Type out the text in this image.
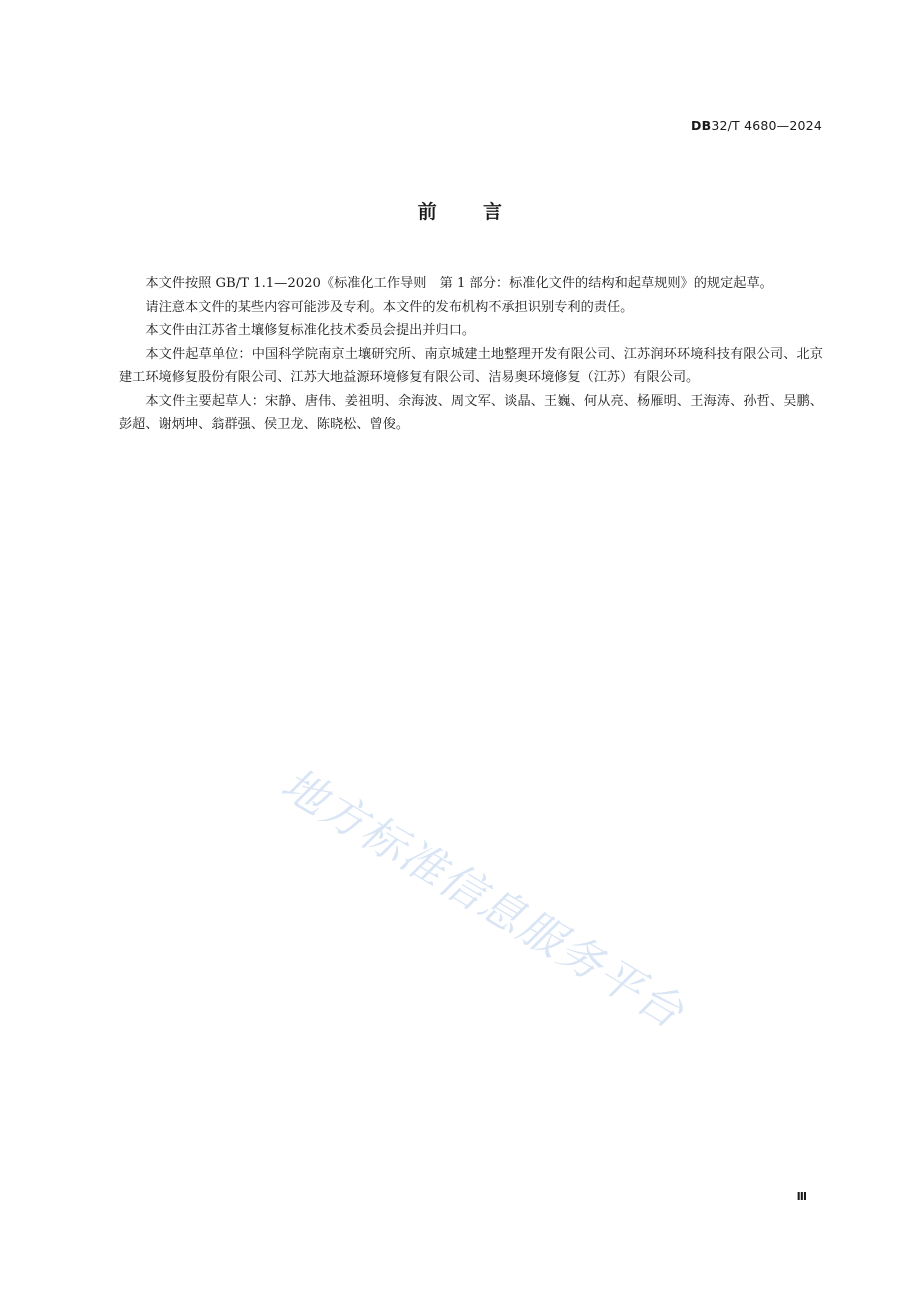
DB32/T 4680—2024
前 言

本文件按照 GB/T 1.1—2020《标准化工作导则　第 1 部分：标准化文件的结构和起草规则》的规定起草。

请注意本文件的某些内容可能涉及专利。本文件的发布机构不承担识别专利的责任。

本文件由江苏省土壤修复标准化技术委员会提出并归口。

本文件起草单位：中国科学院南京土壤研究所、南京城建土地整理开发有限公司、江苏润环环境科技有限公司、北京建工环境修复股份有限公司、江苏大地益源环境修复有限公司、洁易奥环境修复（江苏）有限公司。

本文件主要起草人：宋静、唐伟、姜祖明、余海波、周文军、谈晶、王巍、何从亮、杨雁明、王海涛、孙哲、吴鹏、彭超、谢炳坤、翁群强、侯卫龙、陈晓松、曾俊。

地方标准信息服务平台
Ⅲ
